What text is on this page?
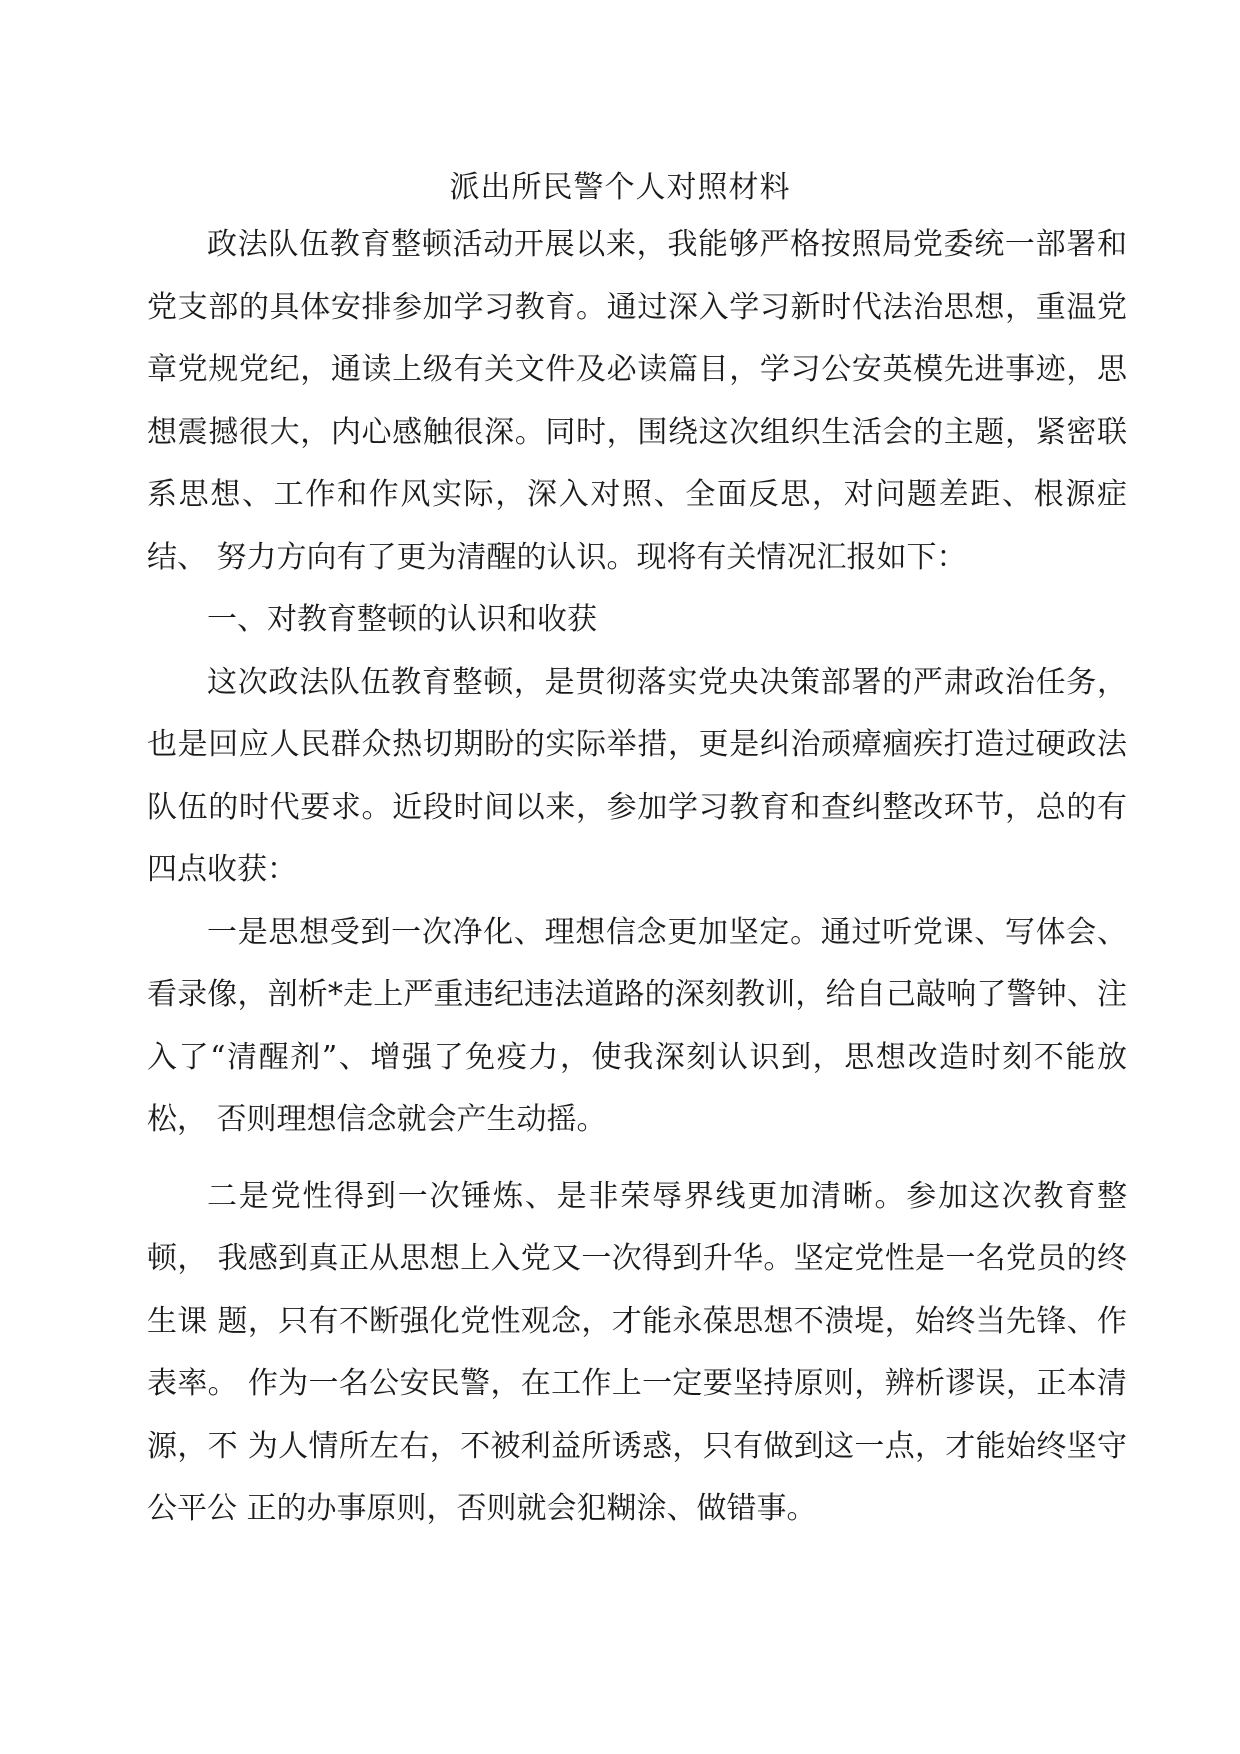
派出所民警个人对照材料

政法队伍教育整顿活动开展以来，我能够严格按照局党委统一部署和 党支部的具体安排参加学习教育。通过深入学习新时代法治思想，重温党 章党规党纪，通读上级有关文件及必读篇目，学习公安英模先进事迹，思 想震撼很大，内心感触很深。同时，围绕这次组织生活会的主题，紧密联 系思想、工作和作风实际，深入对照、全面反思，对问题差距、根源症结、 努力方向有了更为清醒的认识。现将有关情况汇报如下：

一、对教育整顿的认识和收获

这次政法队伍教育整顿，是贯彻落实党央决策部署的严肃政治任务， 也是回应人民群众热切期盼的实际举措，更是纠治顽瘴痼疾打造过硬政法 队伍的时代要求。近段时间以来，参加学习教育和查纠整改环节，总的有 四点收获：

一是思想受到一次净化、理想信念更加坚定。通过听党课、写体会、 看录像，剖析*走上严重违纪违法道路的深刻教训，给自己敲响了警钟、注 入了“清醒剂”、增强了免疫力，使我深刻认识到，思想改造时刻不能放松， 否则理想信念就会产生动摇。

二是党性得到一次锤炼、是非荣辱界线更加清晰。参加这次教育整顿， 我感到真正从思想上入党又一次得到升华。坚定党性是一名党员的终生课 题，只有不断强化党性观念，才能永葆思想不溃堤，始终当先锋、作表率。 作为一名公安民警，在工作上一定要坚持原则，辨析谬误，正本清源，不 为人情所左右，不被利益所诱惑，只有做到这一点，才能始终坚守公平公 正的办事原则，否则就会犯糊涂、做错事。
